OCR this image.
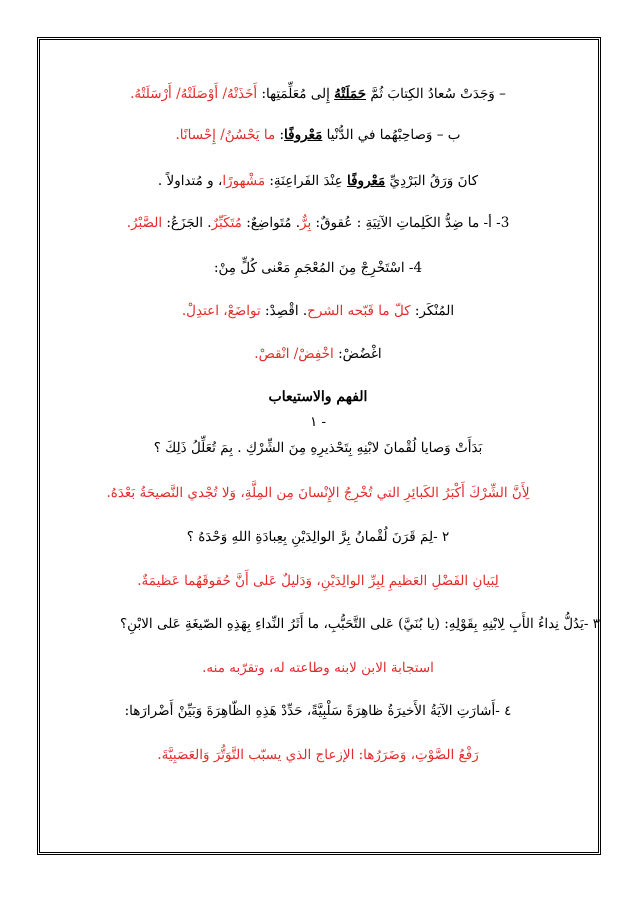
– وَجَدَتْ سُعادُ الكِتابَ ثُمَّ حَمَلَتْهُ إِلى مُعَلِّمَتِها: أَخَذَتْهُ/ أَوْصَلَتْهُ/ أَرْسَلَتْهُ.
ب – وَصاحِبْهُما في الدُّنْيا مَعْروفًا: ما يَحْسُنُ/ إِحْسانًا.
كانَ وَرَقُ البَرْدِيِّ مَعْروفًا عِنْدَ الفَراعِنَةِ: مَشْهورًا، و مُتداولاً .
3- أ- ما ضِدُّ الكَلِماتِ الآتِيَةِ : عُقوقٌ: بِرٌّ. مُتَواضِعٌ: مُتَكَبِّرٌ. الجَزَعُ: الصَّبْرُ.
4- اسْتَخْرِجْ مِنَ المُعْجَمِ مَعْنى كُلٍّ مِنْ:
المُنْكَر: كلّ ما قَبّحه الشرح. اقْصِدْ: تواضَعْ، اعتدِلْ.
اغْضُضْ: اخْفِضْ/ انْقصْ.
الفهم والاستيعاب
- ١
بَدَأَتْ وَصايا لُقْمانَ لابْنِهِ بِتَحْذيرِهِ مِنَ الشِّرْكِ . بِمَ تُعَلِّلُ ذَلِكَ ؟
لِأَنَّ الشِّرْكَ أَكْبَرُ الكَبائِرِ التي تُخْرِجُ الإِنْسانَ مِن المِلَّةِ، وَلا تُجْدي النَّصيحَةُ بَعْدَهُ.
٢ -لِمَ قَرَنَ لُقْمانُ بِرَّ الوالِدَيْنِ بِعِبادَةِ اللهِ وَحْدَهُ ؟
لِبَيانِ الفَضْلِ العَظيمِ لِبِرِّ الوالِدَيْنِ، وَدَليلٌ عَلى أَنَّ حُقوقَهُما عَظيمَةٌ.
٣ -يَدُلُّ نِداءُ الأَبِ لِابْنِهِ بِقَوْلِهِ: (يا بُنَيَّ) عَلى التَّحَبُّبِ، ما أَثَرُ النِّداءِ بِهَذِهِ الصّيغَةِ عَلى الابْنِ؟
استجابة الابن لابنه وطاعته له، وتقرّبه منه.
٤ -أَشارَتِ الآيَةُ الأَخيرَةُ ظاهِرَةً سَلْبِيَّةً، حَدِّدْ هَذِهِ الظّاهِرَةَ وَبَيِّنْ أَضْرارَها:
رَفْعُ الصَّوْتِ، وَضَرَرُها: الإزعاج الذي يسبّب التَّوَتُّرَ وَالعَصَبِيَّةَ.
